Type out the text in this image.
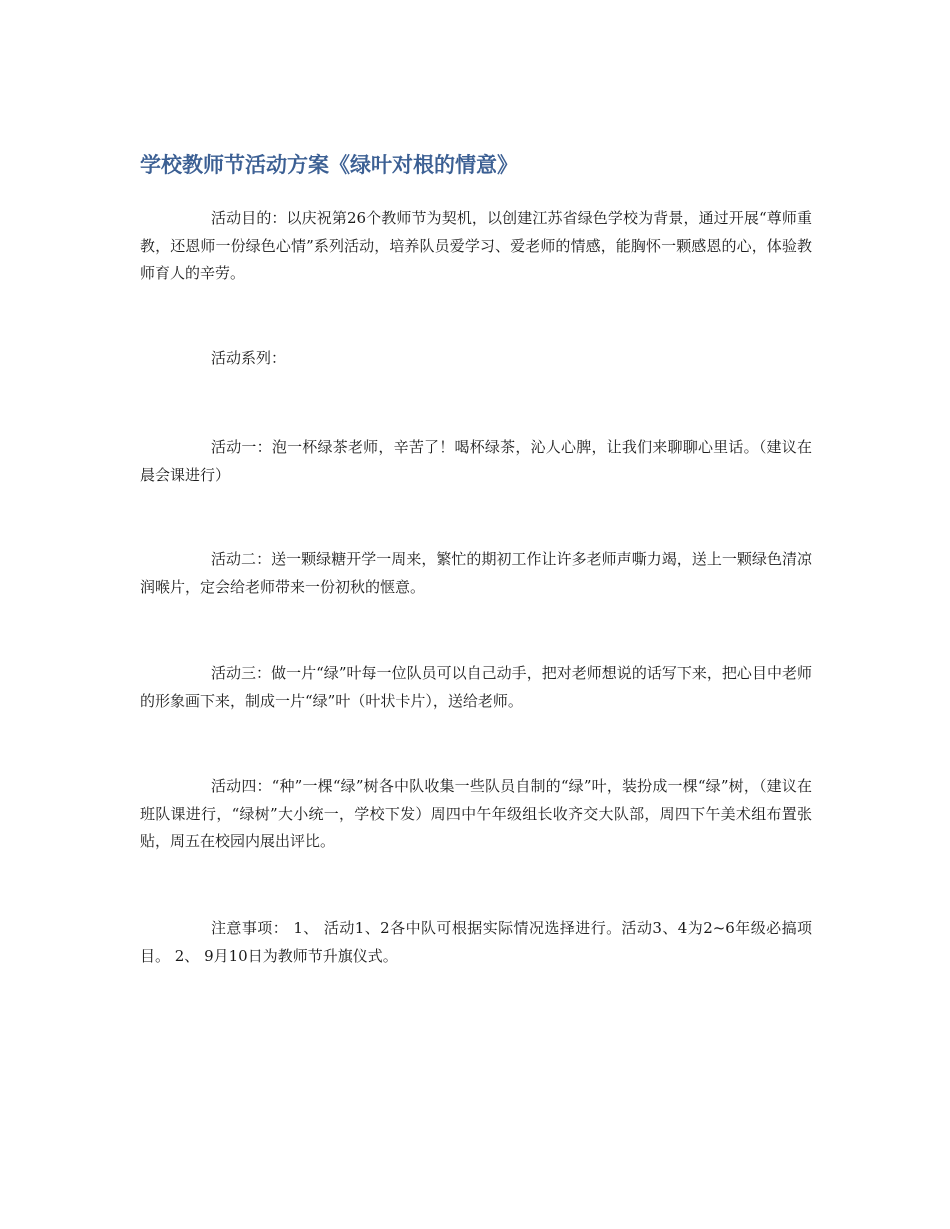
学校教师节活动方案《绿叶对根的情意》

活动目的：以庆祝第26个教师节为契机，以创建江苏省绿色学校为背景，通过开展“尊师重教，还恩师一份绿色心情”系列活动，培养队员爱学习、爱老师的情感，能胸怀一颗感恩的心，体验教师育人的辛劳。

活动系列：

活动一：泡一杯绿茶老师，辛苦了！喝杯绿茶，沁人心脾，让我们来聊聊心里话。（建议在晨会课进行）

活动二：送一颗绿糖开学一周来，繁忙的期初工作让许多老师声嘶力竭，送上一颗绿色清凉润喉片，定会给老师带来一份初秋的惬意。

活动三：做一片“绿”叶每一位队员可以自己动手，把对老师想说的话写下来，把心目中老师的形象画下来，制成一片“绿”叶（叶状卡片），送给老师。

活动四：“种”一棵“绿”树各中队收集一些队员自制的“绿”叶，装扮成一棵“绿”树，（建议在班队课进行，“绿树”大小统一，学校下发）周四中午年级组长收齐交大队部，周四下午美术组布置张贴，周五在校园内展出评比。

注意事项： 1、 活动1、2各中队可根据实际情况选择进行。活动3、4为2~6年级必搞项目。 2、 9月10日为教师节升旗仪式。
